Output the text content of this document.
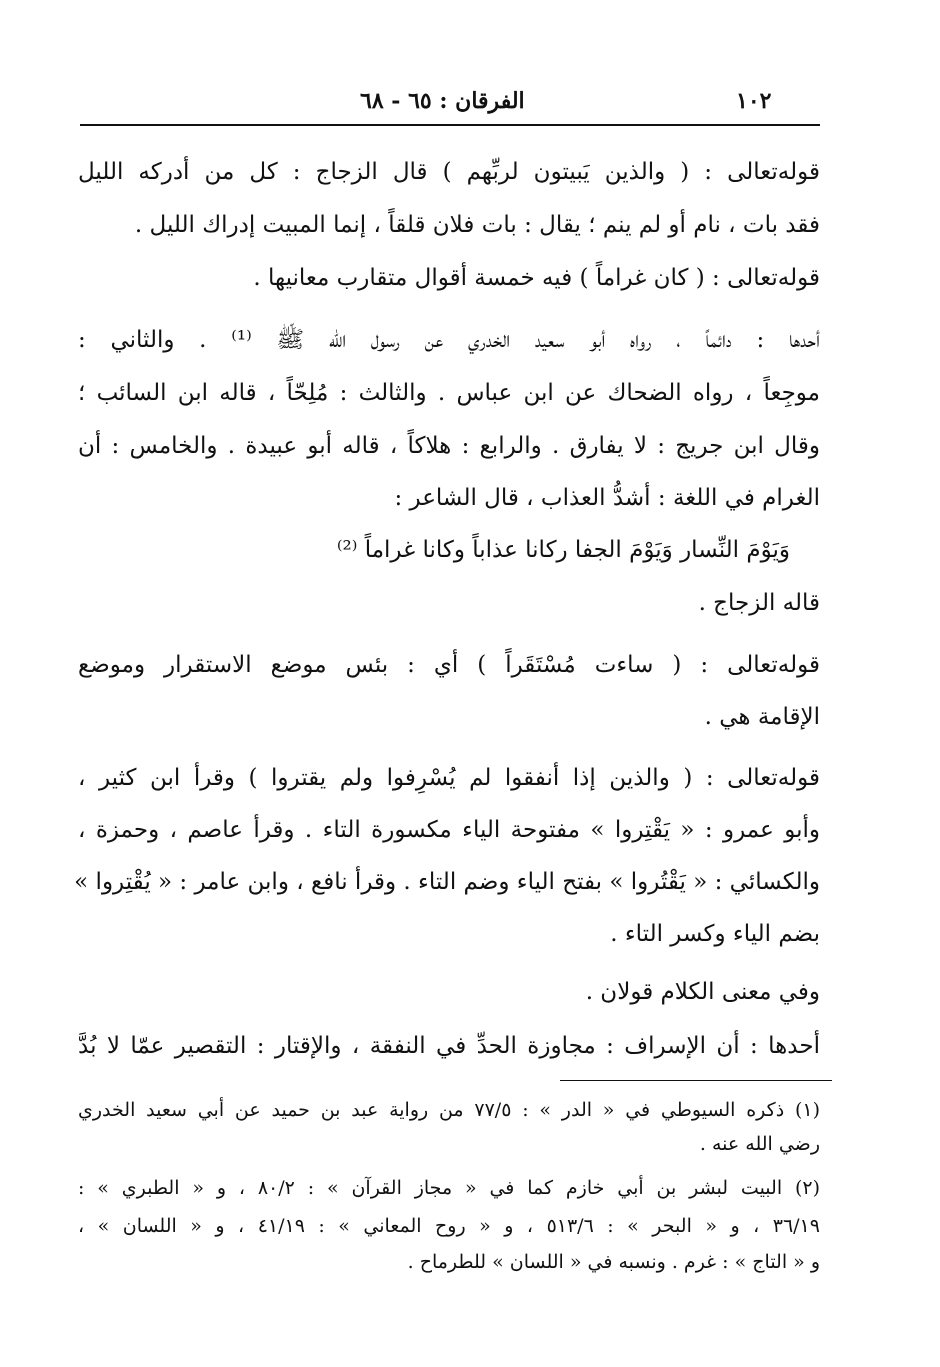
١٠٢
الفرقان : ٦٥ - ٦٨
قوله‌تعالى : ( والذين يَبيتون لربِّهم ) قال الزجاج : كل من أدركه الليل
فقد بات ، نام أو لم ينم ؛ يقال : بات فلان قلقاً ، إنما المبيت إدراك الليل .
قوله‌تعالى : ( كان غراماً ) فيه خمسة أقوال متقارب معانيها .
أحدها : دائماً ، رواه أبو سعيد الخدري عن رسول الله ﷺ ⁽¹⁾ . والثاني :
موجِعاً ، رواه الضحاك عن ابن عباس . والثالث : مُلِحّاً ، قاله ابن السائب ؛
وقال ابن جريج : لا يفارق . والرابع : هلاكاً ، قاله أبو عبيدة . والخامس : أن
الغرام في اللغة : أشدُّ العذاب ، قال الشاعر :
وَيَوْمَ النِّسار وَيَوْمَ الجفا ركانا عذاباً وكانا غراماً ⁽²⁾
قاله الزجاج .
قوله‌تعالى : ( ساءت مُسْتَقَراً ) أي : بئس موضع الاستقرار وموضع
الإقامة هي .
قوله‌تعالى : ( والذين إذا أنفقوا لم يُسْرِفوا ولم يقتروا ) وقرأ ابن كثير ،
وأبو عمرو : « يَقْتِروا » مفتوحة الياء مكسورة التاء . وقرأ عاصم ، وحمزة ،
والكسائي : « يَقْتُروا » بفتح الياء وضم التاء . وقرأ نافع ، وابن عامر : « يُقْتِروا »
بضم الياء وكسر التاء .
وفي معنى الكلام قولان .
أحدها : أن الإسراف : مجاوزة الحدِّ في النفقة ، والإقتار : التقصير عمّا لا بُدَّ
(١) ذكره السيوطي في « الدر » : ٧٧/٥ من رواية عبد بن حميد عن أبي سعيد الخدري
رضي الله عنه .
(٢) البيت لبشر بن أبي خازم كما في « مجاز القرآن » : ٨٠/٢ ، و « الطبري » :
٣٦/١٩ ، و « البحر » : ٥١٣/٦ ، و « روح المعاني » : ٤١/١٩ ، و « اللسان » ،
و « التاج » : غرم . ونسبه في « اللسان » للطرماح .
